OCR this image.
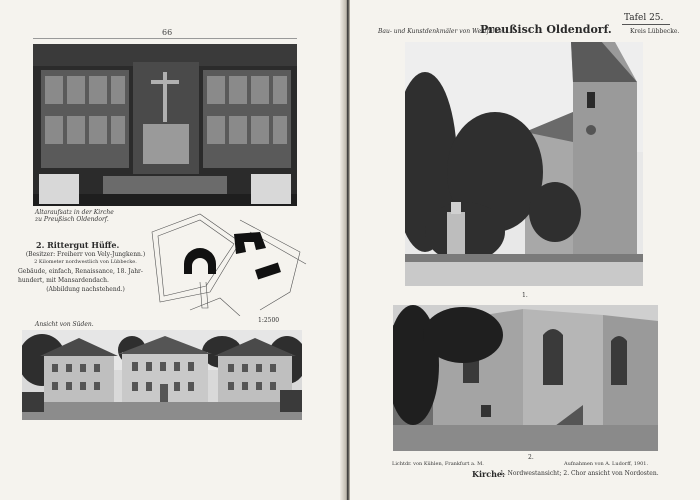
66
Altaraufsatz in der Kirche
zu Preußisch Oldendorf.
2. Rittergut Hüffe.
(Besitzer: Freiherr von Vely-Jungkenn.)
2 Kilometer nordwestlich von Lübbecke.
Gebäude, einfach, Renaissance, 18. Jahr-
hundert, mit Mansardendach.
(Abbildung nachstehend.)
1:2500
Ansicht von Süden.
Bau- und Kunstdenkmäler von Westfalen.
Preußisch Oldendorf.
Tafel 25.
Kreis Lübbecke.
1.
2.
Lichtdr. von Kühlen, Frankfurt a. M.	Aufnahmen von A. Ludorff, 1901.
Kirche:
1. Nordwestansicht; 2. Chor ansicht von Nordosten.
